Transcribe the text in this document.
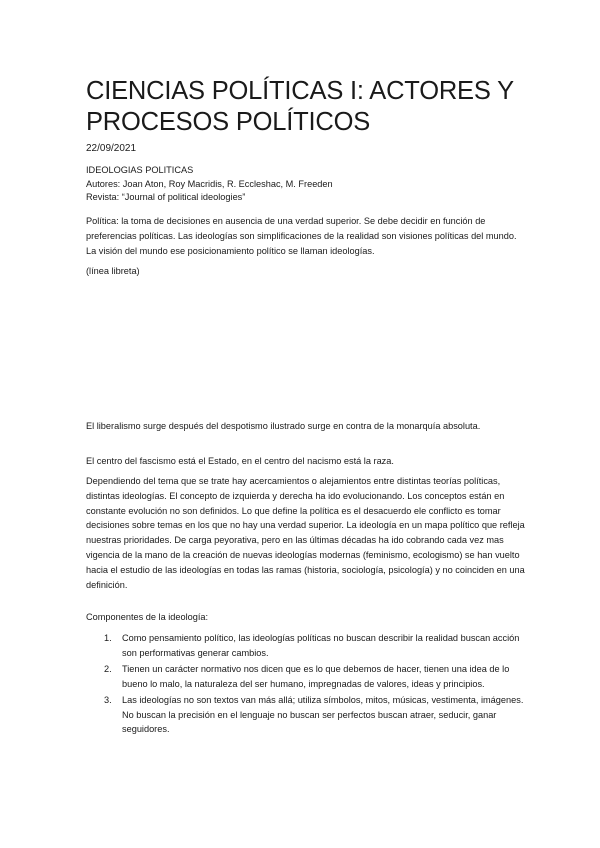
CIENCIAS POLÍTICAS I: ACTORES Y PROCESOS POLÍTICOS
22/09/2021
IDEOLOGIAS POLITICAS
Autores: Joan Aton, Roy Macridis, R. Eccleshac, M. Freeden
Revista: “Journal of political ideologies”

Política: la toma de decisiones en ausencia de una verdad superior. Se debe decidir en función de preferencias políticas. Las ideologías son simplificaciones de la realidad son visiones políticas del mundo. La visión del mundo ese posicionamiento político se llaman ideologías.

(línea libreta)

El liberalismo surge después del despotismo ilustrado surge en contra de la monarquía absoluta.

El centro del fascismo está el Estado, en el centro del nacismo está la raza.

Dependiendo del tema que se trate hay acercamientos o alejamientos entre distintas teorías políticas, distintas ideologías. El concepto de izquierda y derecha ha ido evolucionando. Los conceptos están en constante evolución no son definidos. Lo que define la política es el desacuerdo ele conflicto es tomar decisiones sobre temas en los que no hay una verdad superior. La ideología en un mapa político que refleja nuestras prioridades. De carga peyorativa, pero en las últimas décadas ha ido cobrando cada vez mas vigencia de la mano de la creación de nuevas ideologías modernas (feminismo, ecologismo) se han vuelto hacia el estudio de las ideologías en todas las ramas (historia, sociología, psicología) y no coinciden en una definición.

Componentes de la ideología:

1. Como pensamiento político, las ideologías políticas no buscan describir la realidad buscan acción son performativas generar cambios.
2. Tienen un carácter normativo nos dicen que es lo que debemos de hacer, tienen una idea de lo bueno lo malo, la naturaleza del ser humano, impregnadas de valores, ideas y principios.
3. Las ideologías no son textos van más allá; utiliza símbolos, mitos, músicas, vestimenta, imágenes. No buscan la precisión en el lenguaje no buscan ser perfectos buscan atraer, seducir, ganar seguidores.
